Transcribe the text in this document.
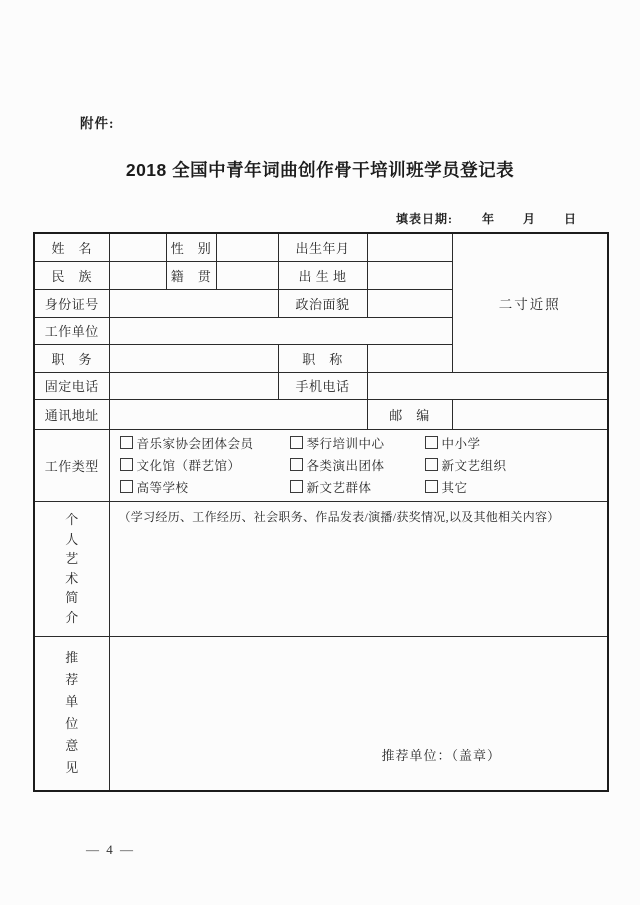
附件:
2018 全国中青年词曲创作骨干培训班学员登记表
填表日期: 年 月 日
姓　名		性　别		出生年月		二寸近照
民　族		籍　贯		出 生 地		
身份证号				政治面貌		
工作单位						
职　务				职　称		
固定电话				手机电话		
通讯地址					邮　编	
工作类型	
音乐家协会团体会员	琴行培训中心	中小学
文化馆（群艺馆）	各类演出团体	新文艺组织
高等学校	新文艺群体	其它

个
人
艺
术
简
介
	（学习经历、工作经历、社会职务、作品发表/演播/获奖情况,以及其他相关内容）

推
荐
单
位
意
见

推荐单位：（盖章）
— 4 —
